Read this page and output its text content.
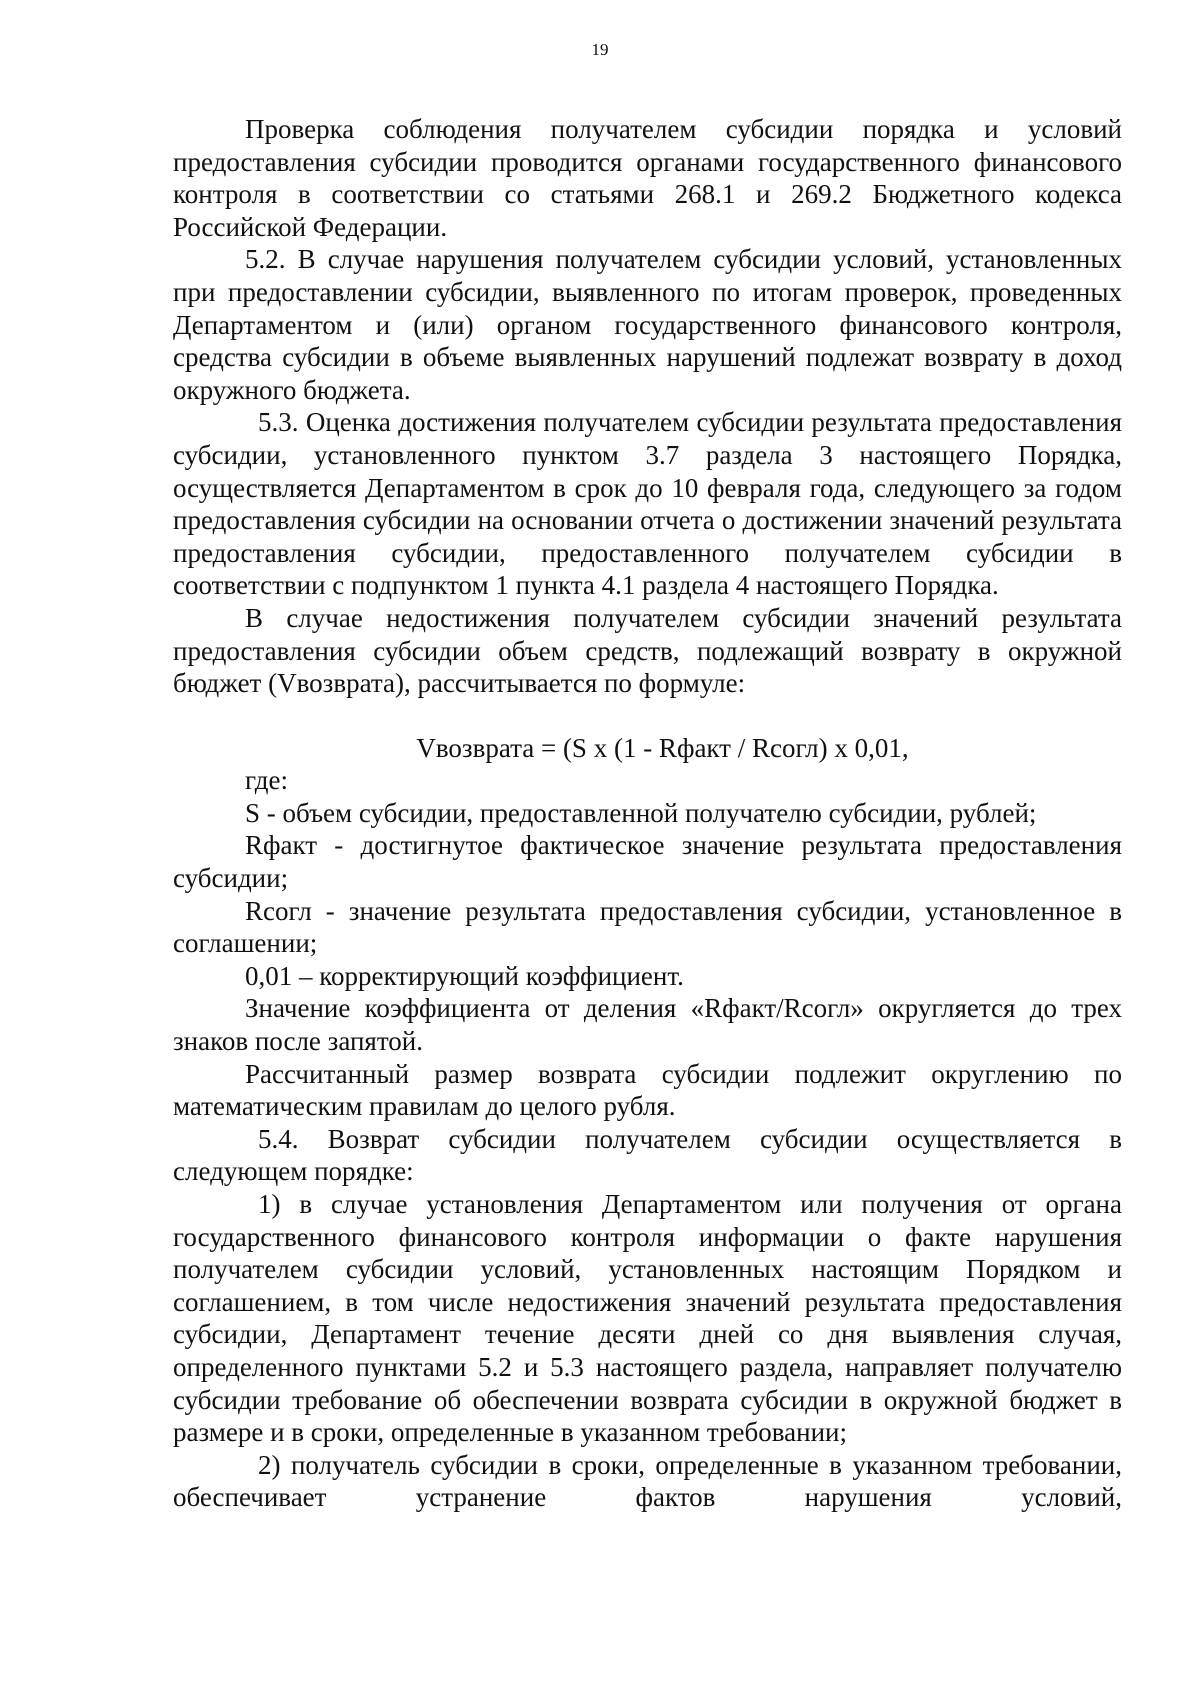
19

Проверка соблюдения получателем субсидии порядка и условий предоставления субсидии проводится органами государственного финансового контроля в соответствии со статьями 268.1 и 269.2 Бюджетного кодекса Российской Федерации.

5.2. В случае нарушения получателем субсидии условий, установленных при предоставлении субсидии, выявленного по итогам проверок, проведенных Департаментом и (или) органом государственного финансового контроля, средства субсидии в объеме выявленных нарушений подлежат возврату в доход окружного бюджета.

5.3. Оценка достижения получателем субсидии результата предоставления субсидии, установленного пунктом 3.7 раздела 3 настоящего Порядка, осуществляется Департаментом в срок до 10 февраля года, следующего за годом предоставления субсидии на основании отчета о достижении значений результата предоставления субсидии, предоставленного получателем субсидии в соответствии с подпунктом 1 пункта 4.1 раздела 4 настоящего Порядка.

В случае недостижения получателем субсидии значений результата предоставления субсидии объем средств, подлежащий возврату в окружной бюджет (Vвозврата), рассчитывается по формуле:

Vвозврата = (S x (1 - Rфакт / Rсогл) x 0,01,

где:

S - объем субсидии, предоставленной получателю субсидии, рублей;

Rфакт - достигнутое фактическое значение результата предоставления субсидии;

Rсогл - значение результата предоставления субсидии, установленное в соглашении;

0,01 – корректирующий коэффициент.

Значение коэффициента от деления «Rфакт/Rсогл» округляется до трех знаков после запятой.

Рассчитанный размер возврата субсидии подлежит округлению по математическим правилам до целого рубля.

5.4. Возврат субсидии получателем субсидии осуществляется в следующем порядке:

1) в случае установления Департаментом или получения от органа государственного финансового контроля информации о факте нарушения получателем субсидии условий, установленных настоящим Порядком и соглашением, в том числе недостижения значений результата предоставления субсидии, Департамент течение десяти дней со дня выявления случая, определенного пунктами 5.2 и 5.3 настоящего раздела, направляет получателю субсидии требование об обеспечении возврата субсидии в окружной бюджет в размере и в сроки, определенные в указанном требовании;

2) получатель субсидии в сроки, определенные в указанном требовании, обеспечивает устранение фактов нарушения условий,
